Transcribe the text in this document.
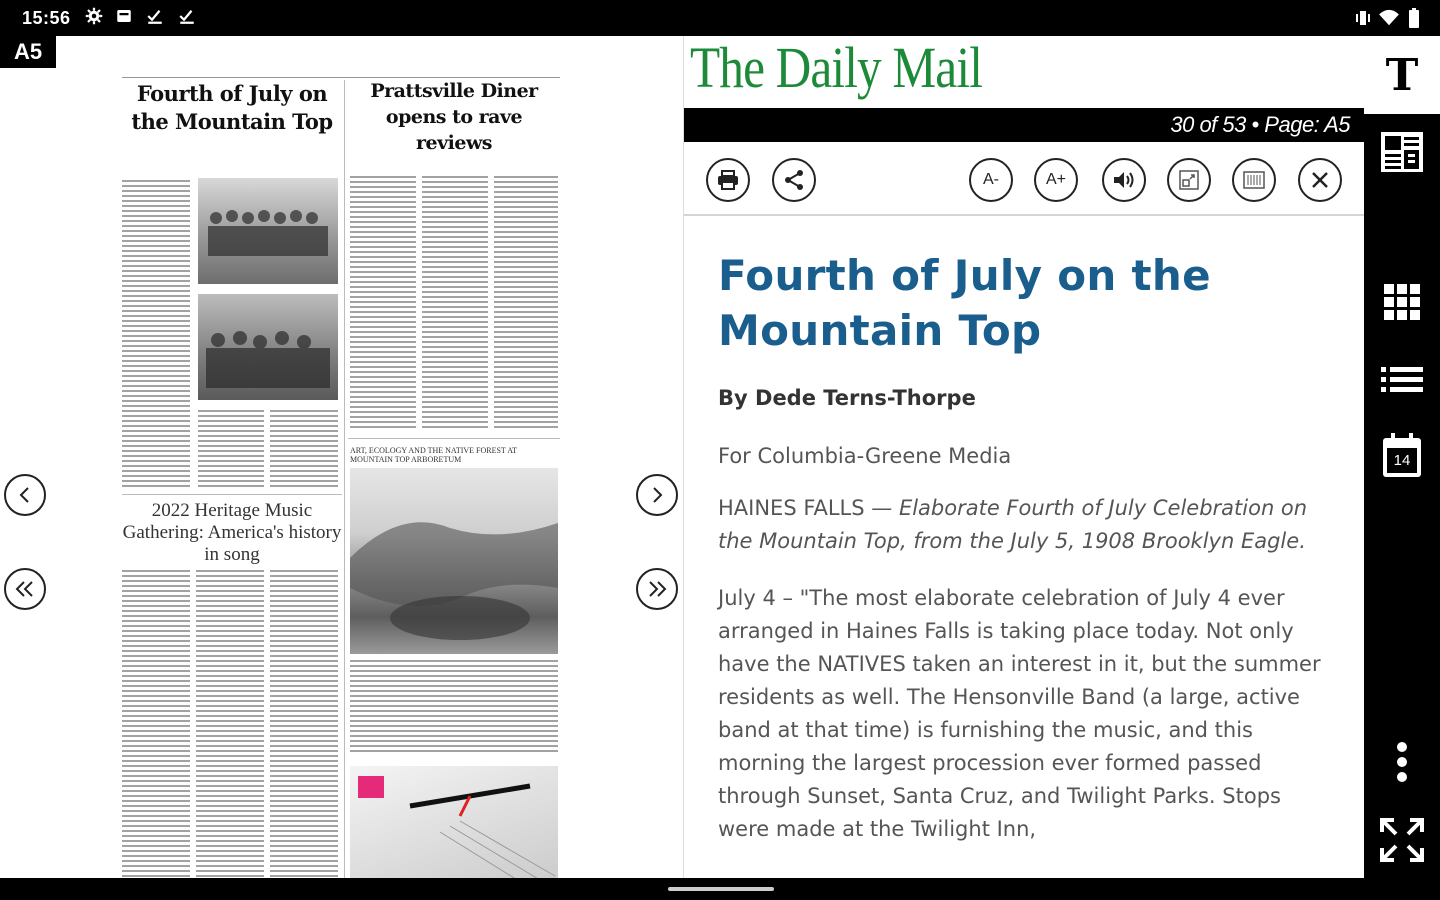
15:56
A5
Fourth of July on the Mountain Top
Prattsville Diner opens to rave reviews
2022 Heritage Music Gathering: America's history in song
ART, ECOLOGY AND THE NATIVE FOREST AT MOUNTAIN TOP ARBORETUM
The Daily Mail
30 of 53 • Page: A5
A-	A+
Fourth of July on the Mountain Top
By Dede Terns-Thorpe
For Columbia-Greene Media

HAINES FALLS — Elaborate Fourth of July Celebration on the Mountain Top, from the July 5, 1908 Brooklyn Eagle.

July 4 – "The most elaborate celebration of July 4 ever arranged in Haines Falls is taking place today. Not only have the NATIVES taken an interest in it, but the summer residents as well. The Hensonville Band (a large, active band at that time) is furnishing the music, and this morning the largest procession ever formed passed through Sunset, Santa Cruz, and Twilight Parks. Stops were made at the Twilight Inn,

T
14
